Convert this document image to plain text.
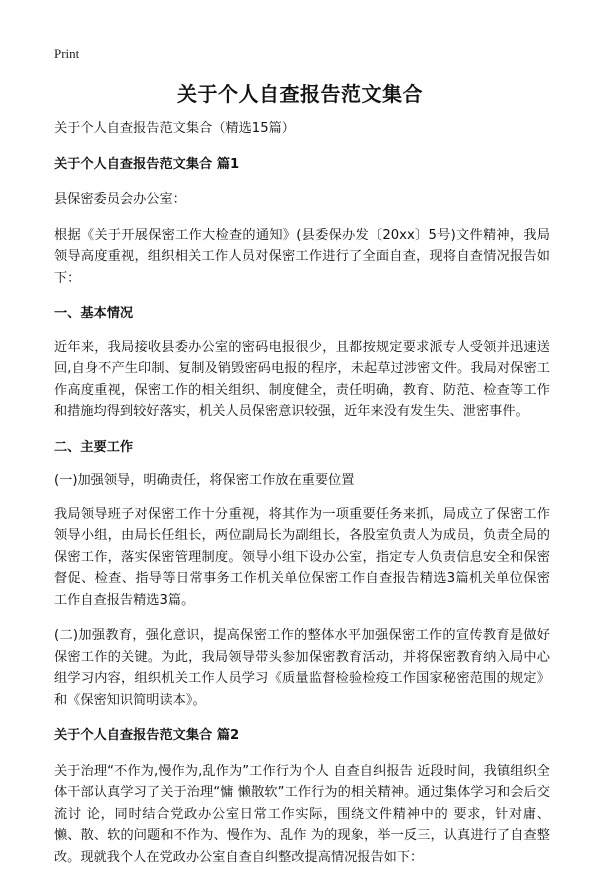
Print
关于个人自查报告范文集合

关于个人自查报告范文集合（精选15篇）

关于个人自查报告范文集合 篇1

县保密委员会办公室：

根据《关于开展保密工作大检查的通知》(县委保办发〔20xx〕5号)文件精神，我局领导高度重视，组织相关工作人员对保密工作进行了全面自查，现将自查情况报告如下：

一、基本情况

近年来，我局接收县委办公室的密码电报很少，且都按规定要求派专人受领并迅速送回,自身不产生印制、复制及销毁密码电报的程序，未起草过涉密文件。我局对保密工作高度重视，保密工作的相关组织、制度健全，责任明确，教育、防范、检查等工作和措施均得到较好落实，机关人员保密意识较强，近年来没有发生失、泄密事件。

二、主要工作

(一)加强领导，明确责任，将保密工作放在重要位置

我局领导班子对保密工作十分重视，将其作为一项重要任务来抓，局成立了保密工作领导小组，由局长任组长，两位副局长为副组长，各股室负责人为成员，负责全局的保密工作，落实保密管理制度。领导小组下设办公室，指定专人负责信息安全和保密督促、检查、指导等日常事务工作机关单位保密工作自查报告精选3篇机关单位保密工作自查报告精选3篇。

(二)加强教育，强化意识，提高保密工作的整体水平加强保密工作的宣传教育是做好保密工作的关键。为此，我局领导带头参加保密教育活动，并将保密教育纳入局中心组学习内容，组织机关工作人员学习《质量监督检验检疫工作国家秘密范围的规定》和《保密知识简明读本》。

关于个人自查报告范文集合 篇2

关于治理“不作为,慢作为,乱作为”工作行为个人 自查自纠报告 近段时间，我镇组织全体干部认真学习了关于治理“慵 懒散软”工作行为的相关精神。通过集体学习和会后交流讨 论，同时结合党政办公室日常工作实际，围绕文件精神中的 要求，针对庸、懒、散、软的问题和不作为、慢作为、乱作 为的现象，举一反三，认真进行了自查整改。现就我个人在党政办公室自查自纠整改提高情况报告如下：
